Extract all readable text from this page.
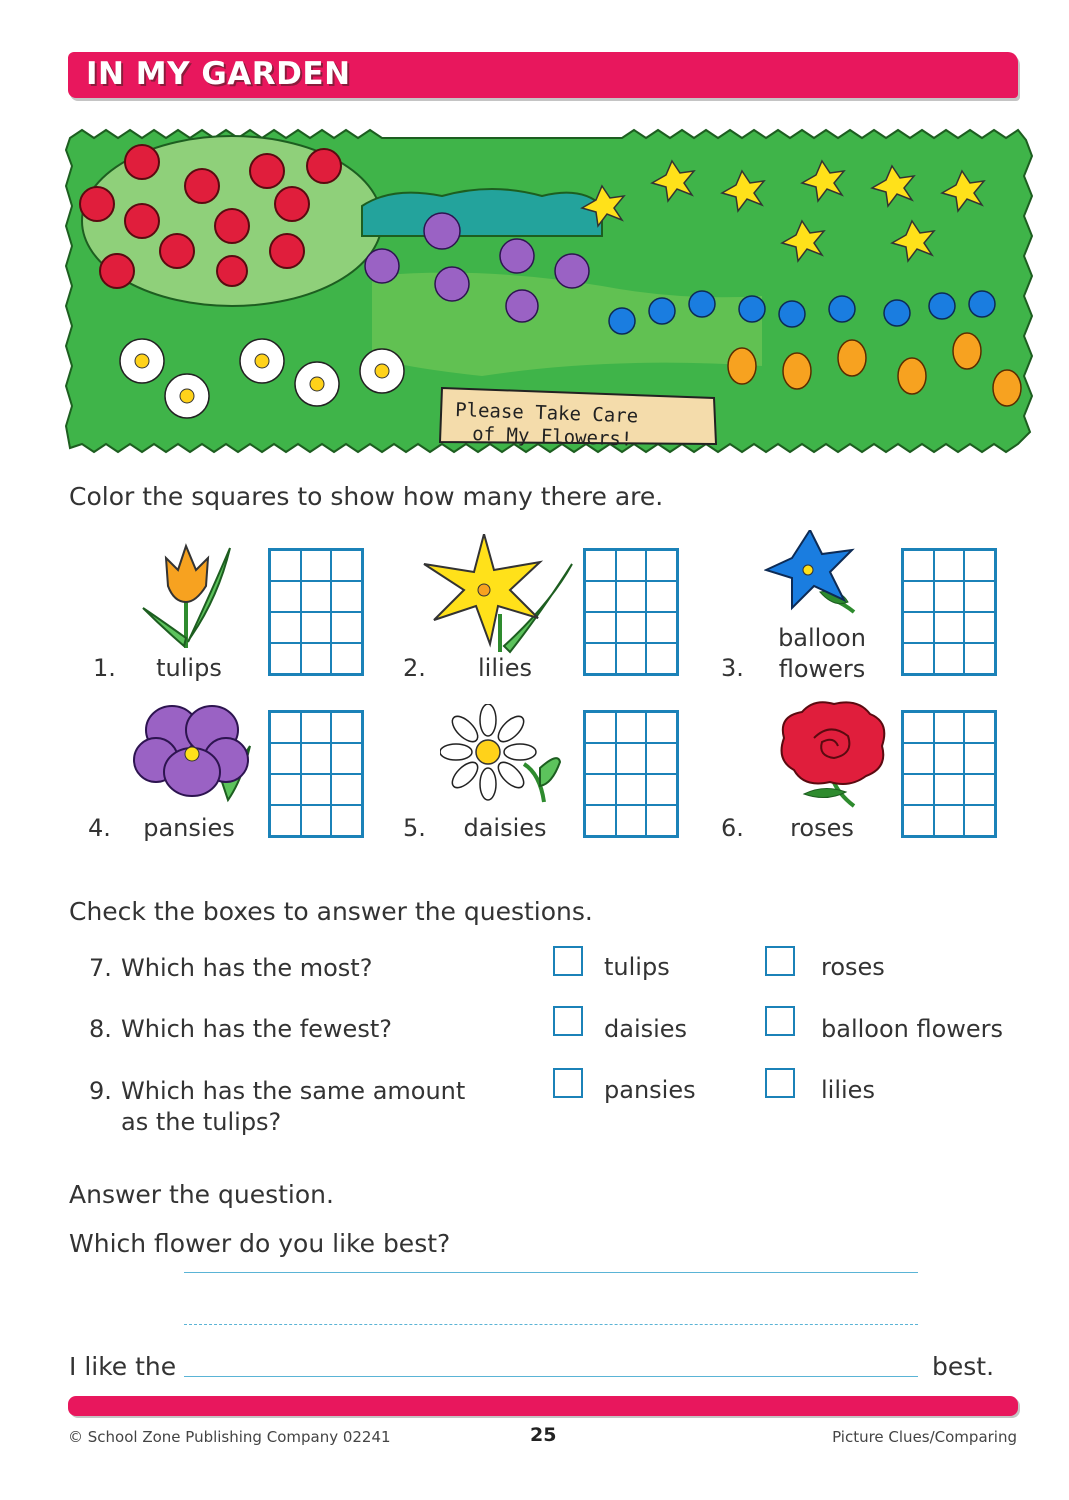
IN MY GARDEN
Please Take Care
of My Flowers!
Color the squares to show how many there are.
1.	tulips	2.	lilies	3.
balloon
flowers
4.	pansies	5.	daisies	6.	roses
Check the boxes to answer the questions.
7. Which has the most?	tulips	roses
8. Which has the fewest?	daisies	balloon flowers
9. Which has the same amount
as the tulips?
pansies	lilies
Answer the question.
Which flower do you like best?
I like the	best.
© School Zone Publishing Company 02241	25	Picture Clues/Comparing
